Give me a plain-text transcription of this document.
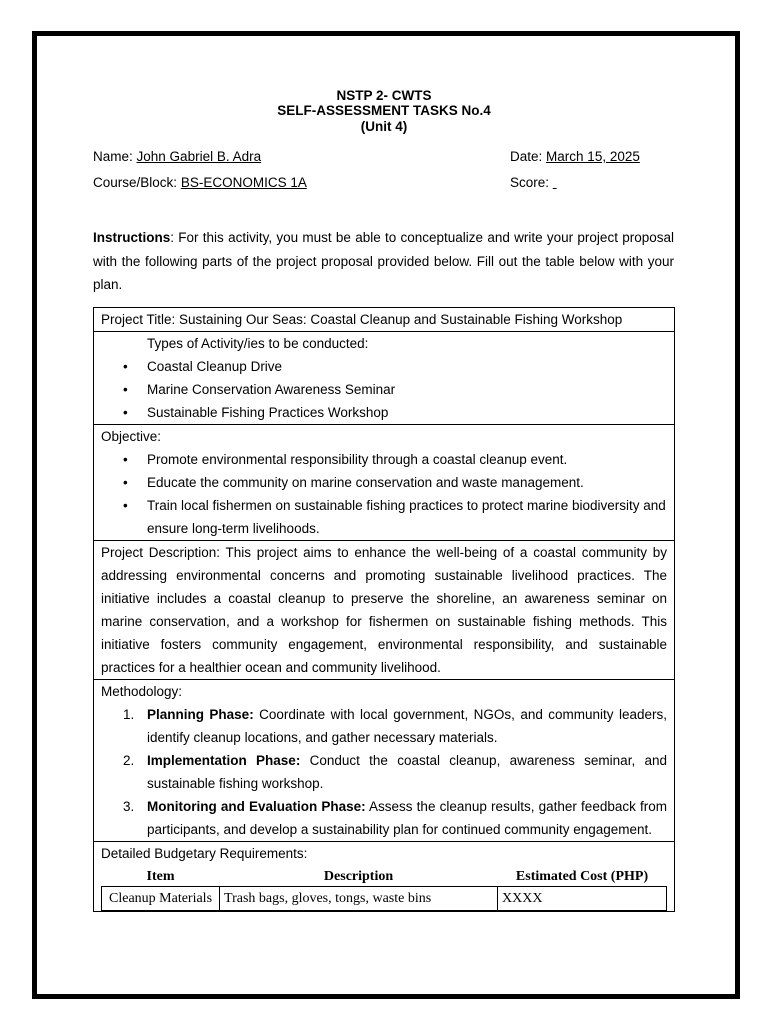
NSTP 2- CWTS
SELF-ASSESSMENT TASKS No.4
(Unit 4)
Name: John Gabriel B. Adra	Date: March 15, 2025
Course/Block: BS-ECONOMICS 1A	Score:
Instructions: For this activity, you must be able to conceptualize and write your project proposal with the following parts of the project proposal provided below. Fill out the table below with your plan.
Project Title: Sustaining Our Seas: Coastal Cleanup and Sustainable Fishing Workshop

Types of Activity/ies to be conducted:
• Coastal Cleanup Drive
• Marine Conservation Awareness Seminar
• Sustainable Fishing Practices Workshop

Objective:
• Promote environmental responsibility through a coastal cleanup event.
• Educate the community on marine conservation and waste management.
• Train local fishermen on sustainable fishing practices to protect marine biodiversity and ensure long-term livelihoods.

Project Description: This project aims to enhance the well-being of a coastal community by addressing environmental concerns and promoting sustainable livelihood practices. The initiative includes a coastal cleanup to preserve the shoreline, an awareness seminar on marine conservation, and a workshop for fishermen on sustainable fishing methods. This initiative fosters community engagement, environmental responsibility, and sustainable practices for a healthier ocean and community livelihood.

Methodology:
1. Planning Phase: Coordinate with local government, NGOs, and community leaders, identify cleanup locations, and gather necessary materials.
2. Implementation Phase: Conduct the coastal cleanup, awareness seminar, and sustainable fishing workshop.
3. Monitoring and Evaluation Phase: Assess the cleanup results, gather feedback from participants, and develop a sustainability plan for continued community engagement.

Detailed Budgetary Requirements:
Item	Description	Estimated Cost (PHP)
Cleanup Materials	Trash bags, gloves, tongs, waste bins	XXXX
